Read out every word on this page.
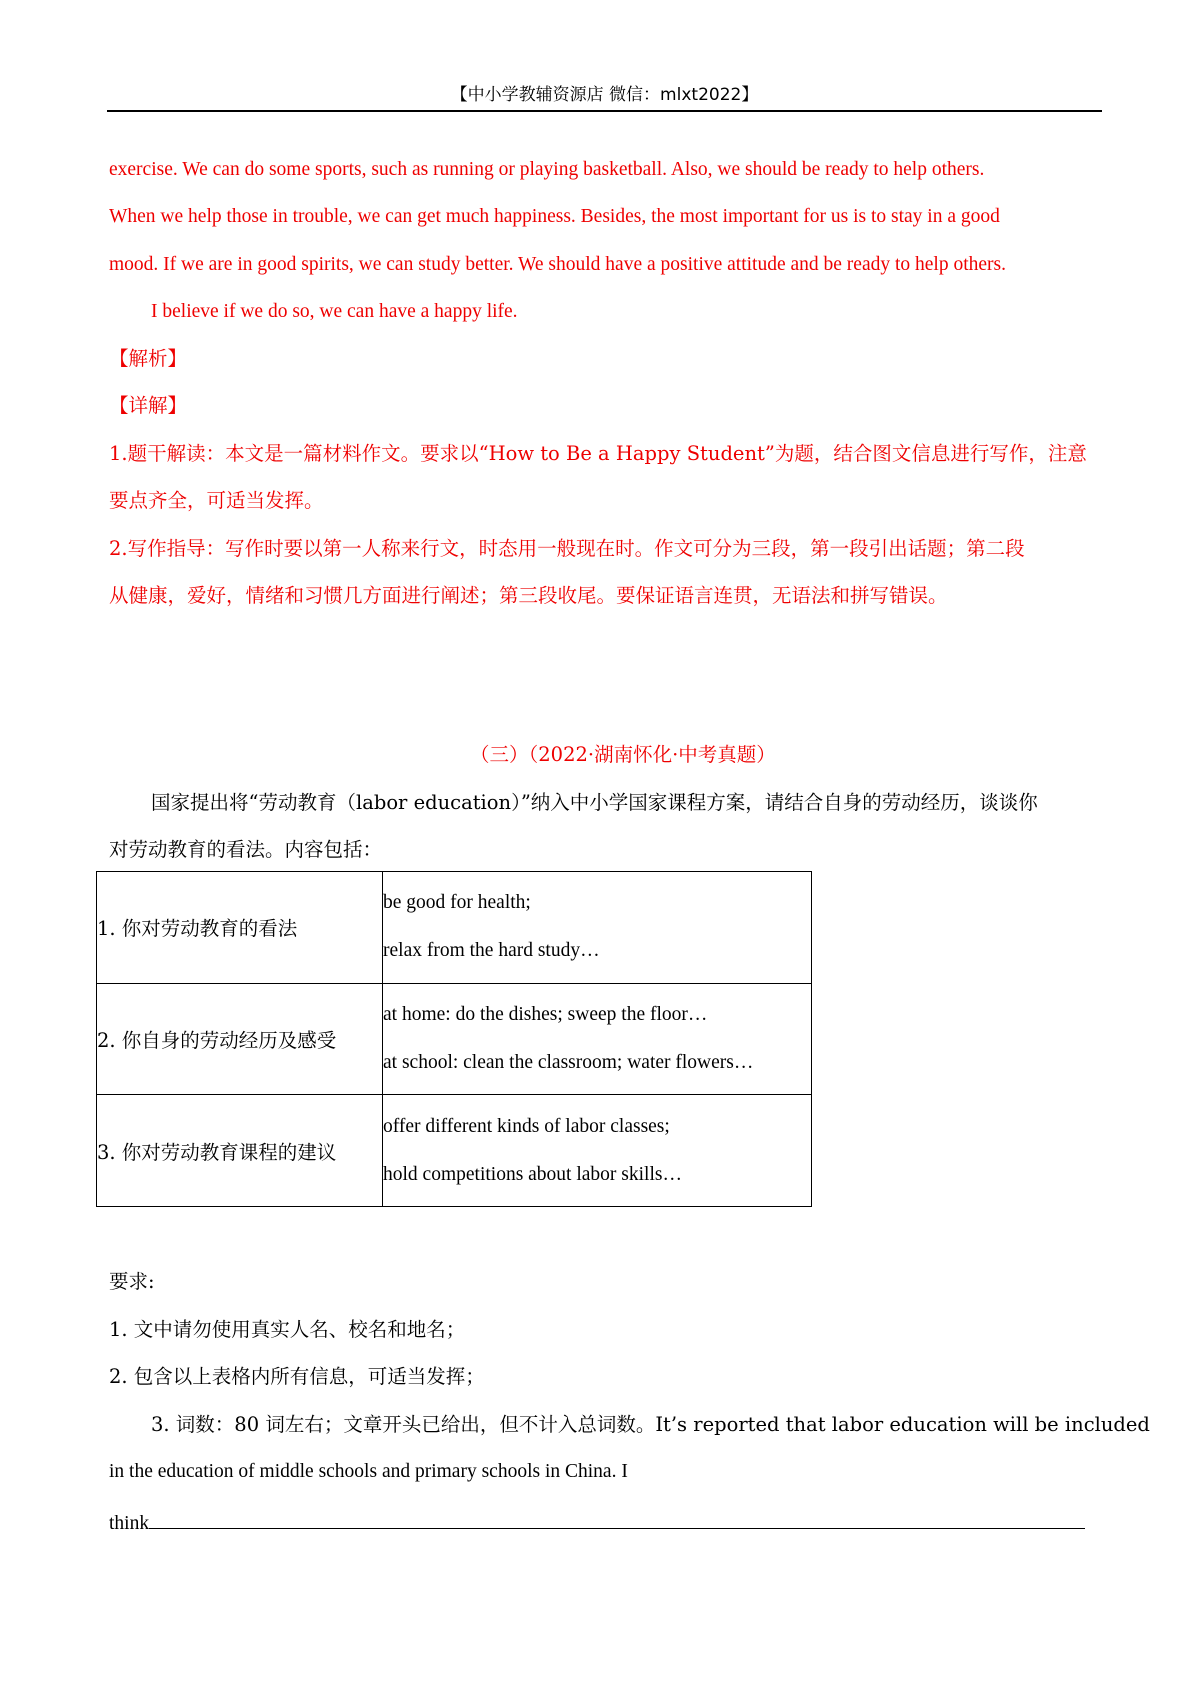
【中小学教辅资源店 微信：mlxt2022】
exercise. We can do some sports, such as running or playing basketball. Also, we should be ready to help others.
When we help those in trouble, we can get much happiness. Besides, the most important for us is to stay in a good
mood. If we are in good spirits, we can study better. We should have a positive attitude and be ready to help others.
I believe if we do so, we can have a happy life.
【解析】
【详解】
1.题干解读：本文是一篇材料作文。要求以“How to Be a Happy Student”为题，结合图文信息进行写作，注意
要点齐全，可适当发挥。
2.写作指导：写作时要以第一人称来行文，时态用一般现在时。作文可分为三段，第一段引出话题；第二段
从健康，爱好，情绪和习惯几方面进行阐述；第三段收尾。要保证语言连贯，无语法和拼写错误。
（三）（2022·湖南怀化·中考真题）
国家提出将“劳动教育（labor education）”纳入中小学国家课程方案，请结合自身的劳动经历，谈谈你
对劳动教育的看法。内容包括：
1. 你对劳动教育的看法	be good for health;
relax from the hard study…

2. 你自身的劳动经历及感受	at home: do the dishes; sweep the floor…
at school: clean the classroom; water flowers…

3. 你对劳动教育课程的建议	offer different kinds of labor classes;
hold competitions about labor skills…
要求:
1. 文中请勿使用真实人名、校名和地名；
2. 包含以上表格内所有信息，可适当发挥；
3. 词数：80 词左右；文章开头已给出，但不计入总词数。It’s reported that labor education will be included
in the education of middle schools and primary schools in China. I
think
